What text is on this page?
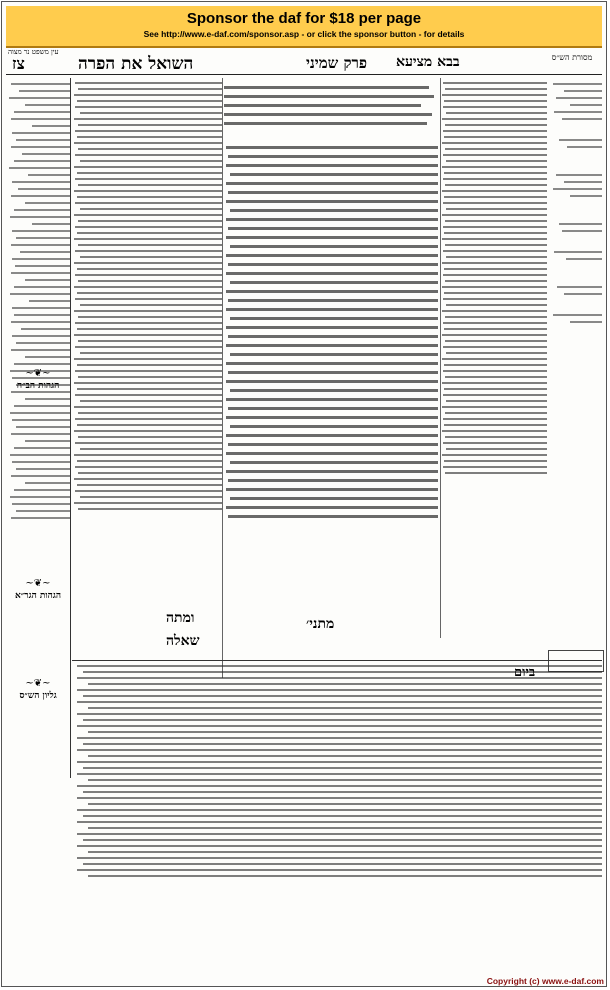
Sponsor the daf for $18 per page
See http://www.e-daf.com/sponsor.asp - or click the sponsor button - for details
עין משפט נר מצוה
צז	השואל את הפרה	פרק שמיני	בבא מציעא	מסורת הש״ס
הגהות הב״ח
~❦~
הגהות הגר״א
~❦~
גליון הש״ס
~❦~
ומתה
שאלה
מתני׳
ביום
Copyright (c) www.e-daf.com
